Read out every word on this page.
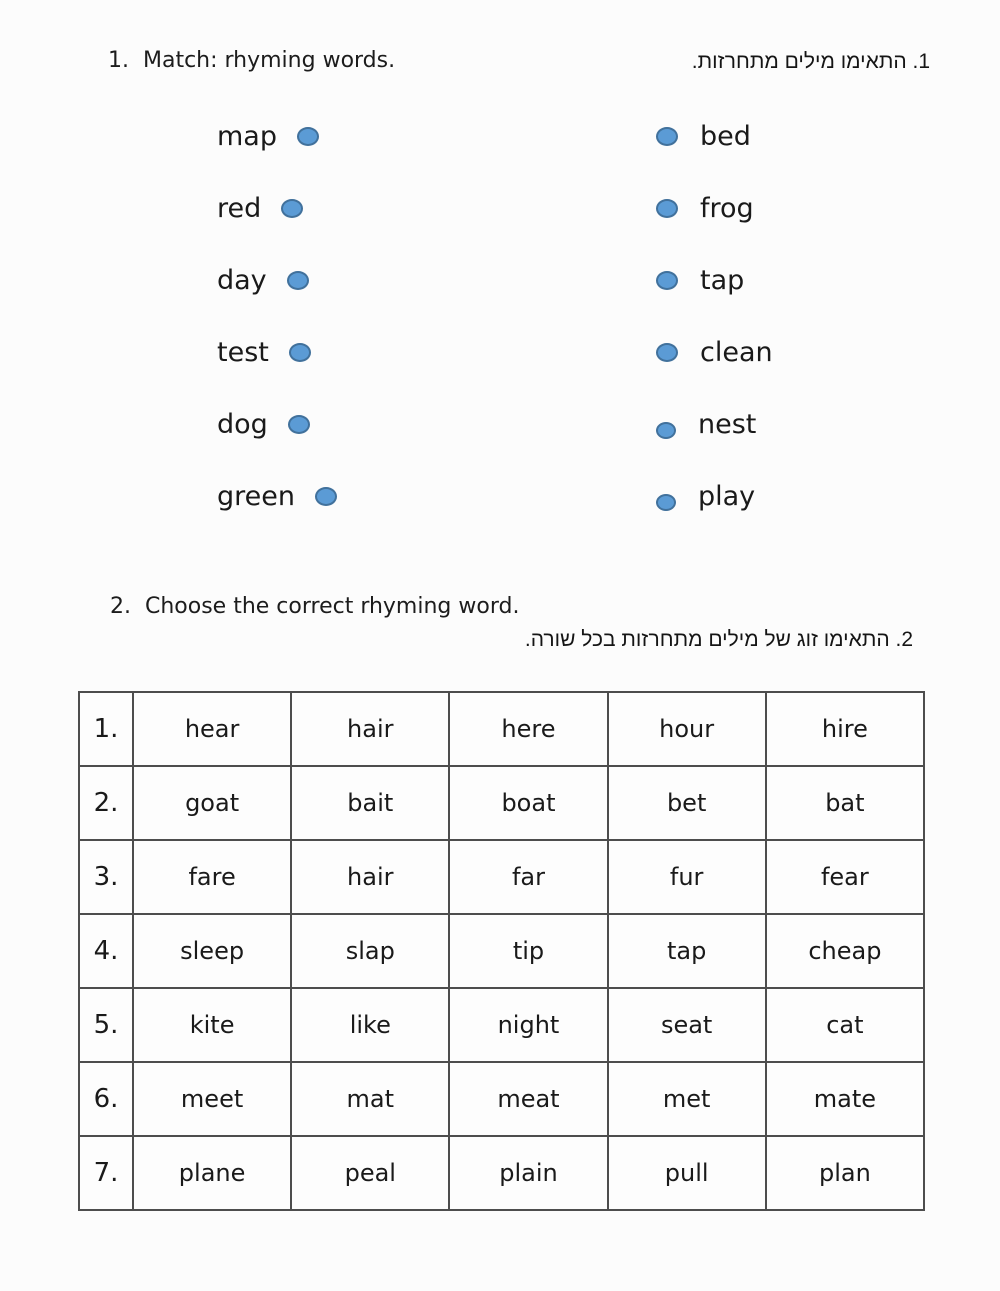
1.  Match: rhyming words.	1. התאימו מילים מתחרזות.
map
red
day
test
dog
green
bed
frog
tap
clean
nest
play
2.  Choose the correct rhyming word.
2. התאימו זוג של מילים מתחרזות בכל שורה.
1.	hear	hair	here	hour	hire
2.	goat	bait	boat	bet	bat
3.	fare	hair	far	fur	fear
4.	sleep	slap	tip	tap	cheap
5.	kite	like	night	seat	cat
6.	meet	mat	meat	met	mate
7.	plane	peal	plain	pull	plan
